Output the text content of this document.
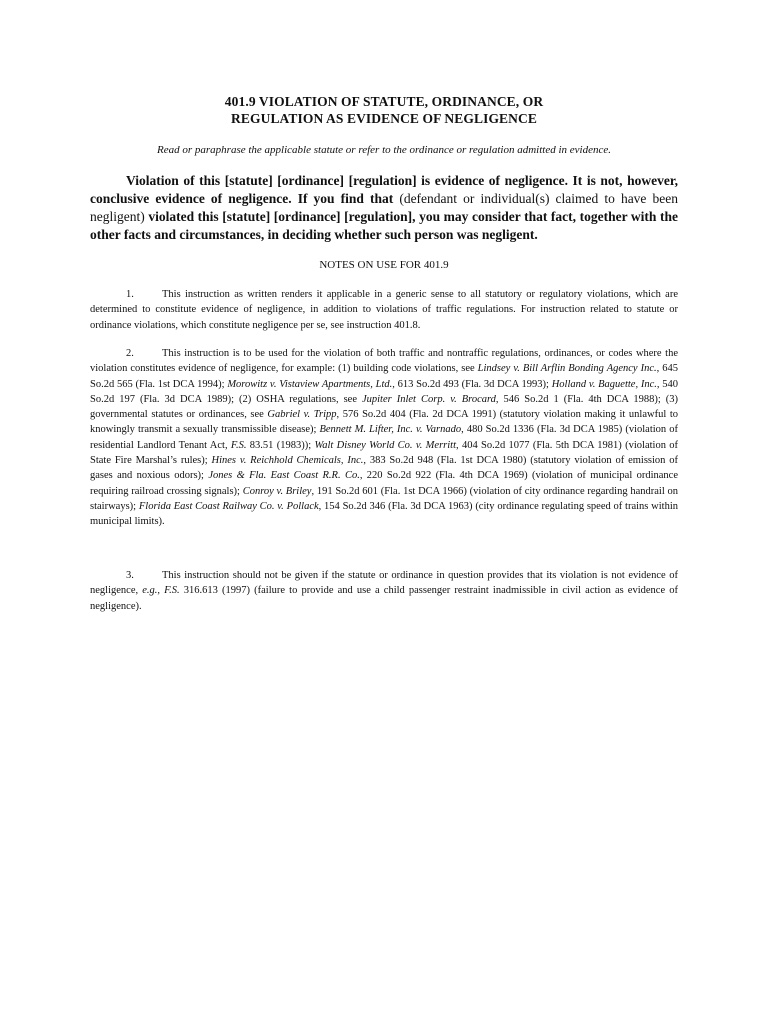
401.9 VIOLATION OF STATUTE, ORDINANCE, OR
REGULATION AS EVIDENCE OF NEGLIGENCE
Read or paraphrase the applicable statute or refer to the ordinance or regulation admitted in evidence.
Violation of this [statute] [ordinance] [regulation] is evidence of negligence. It is not, however, conclusive evidence of negligence. If you find that (defendant or individual(s) claimed to have been negligent) violated this [statute] [ordinance] [regulation], you may consider that fact, together with the other facts and circumstances, in deciding whether such person was negligent.
NOTES ON USE FOR 401.9
1.	This instruction as written renders it applicable in a generic sense to all statutory or regulatory violations, which are determined to constitute evidence of negligence, in addition to violations of traffic regulations. For instruction related to statute or ordinance violations, which constitute negligence per se, see instruction 401.8.
2.	This instruction is to be used for the violation of both traffic and nontraffic regulations, ordinances, or codes where the violation constitutes evidence of negligence, for example: (1) building code violations, see Lindsey v. Bill Arflin Bonding Agency Inc., 645 So.2d 565 (Fla. 1st DCA 1994); Morowitz v. Vistaview Apartments, Ltd., 613 So.2d 493 (Fla. 3d DCA 1993); Holland v. Baguette, Inc., 540 So.2d 197 (Fla. 3d DCA 1989); (2) OSHA regulations, see Jupiter Inlet Corp. v. Brocard, 546 So.2d 1 (Fla. 4th DCA 1988); (3) governmental statutes or ordinances, see Gabriel v. Tripp, 576 So.2d 404 (Fla. 2d DCA 1991) (statutory violation making it unlawful to knowingly transmit a sexually transmissible disease); Bennett M. Lifter, Inc. v. Varnado, 480 So.2d 1336 (Fla. 3d DCA 1985) (violation of residential Landlord Tenant Act, F.S. 83.51 (1983)); Walt Disney World Co. v. Merritt, 404 So.2d 1077 (Fla. 5th DCA 1981) (violation of State Fire Marshal’s rules); Hines v. Reichhold Chemicals, Inc., 383 So.2d 948 (Fla. 1st DCA 1980) (statutory violation of emission of gases and noxious odors); Jones & Fla. East Coast R.R. Co., 220 So.2d 922 (Fla. 4th DCA 1969) (violation of municipal ordinance requiring railroad crossing signals); Conroy v. Briley, 191 So.2d 601 (Fla. 1st DCA 1966) (violation of city ordinance regarding handrail on stairways); Florida East Coast Railway Co. v. Pollack, 154 So.2d 346 (Fla. 3d DCA 1963) (city ordinance regulating speed of trains within municipal limits).
3.	This instruction should not be given if the statute or ordinance in question provides that its violation is not evidence of negligence, e.g., F.S. 316.613 (1997) (failure to provide and use a child passenger restraint inadmissible in civil action as evidence of negligence).
